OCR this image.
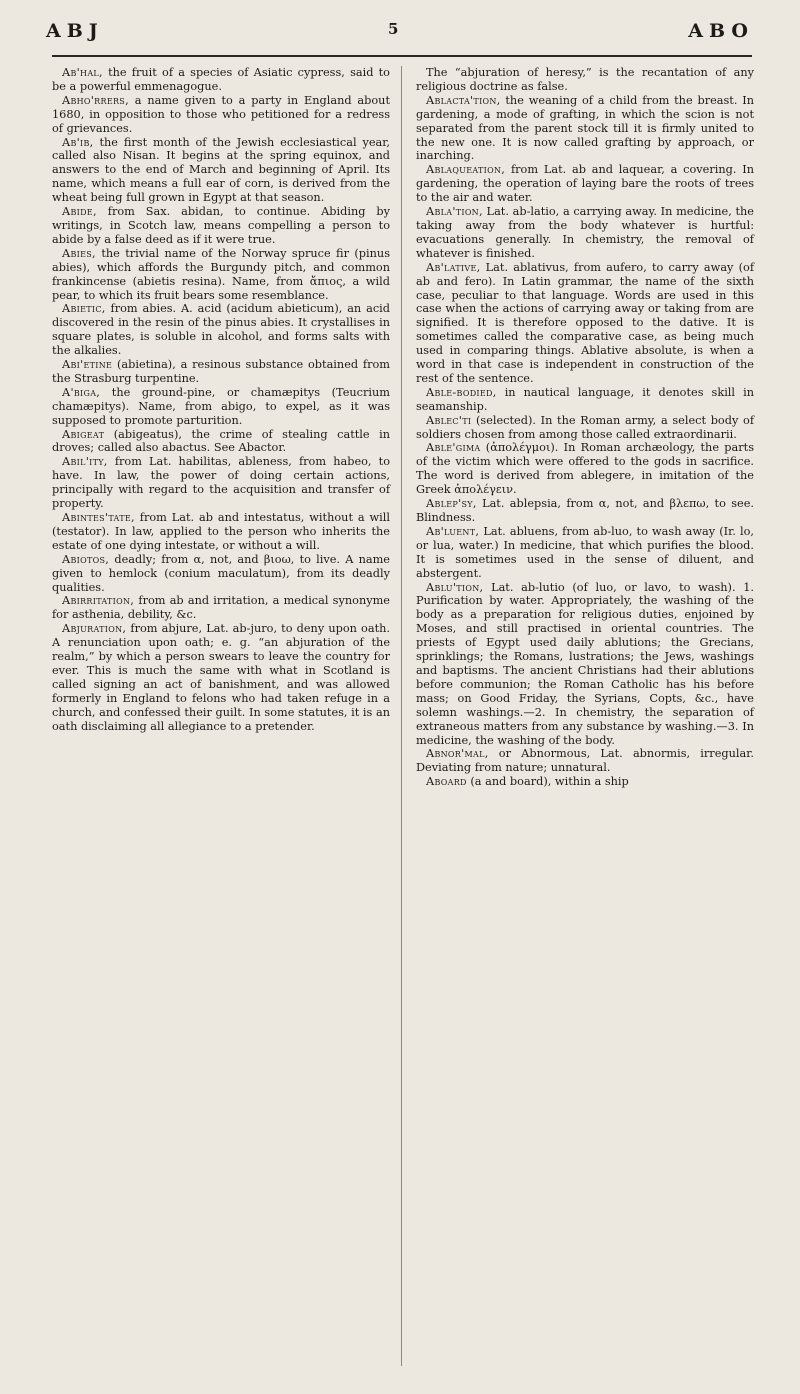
ABJ	5	ABO

Ab'hal, the fruit of a species of Asiatic cypress, said to be a powerful emmenagogue.

Abho'rrers, a name given to a party in England about 1680, in opposition to those who petitioned for a redress of grievances.

Ab'ib, the first month of the Jewish ecclesiastical year, called also Nisan. It begins at the spring equinox, and answers to the end of March and beginning of April. Its name, which means a full ear of corn, is derived from the wheat being full grown in Egypt at that season.

Abide, from Sax. abidan, to continue. Abiding by writings, in Scotch law, means compelling a person to abide by a false deed as if it were true.

Abies, the trivial name of the Norway spruce fir (pinus abies), which affords the Burgundy pitch, and common frankincense (abietis resina). Name, from ἄπιος, a wild pear, to which its fruit bears some resemblance.

Abietic, from abies. A. acid (acidum abieticum), an acid discovered in the resin of the pinus abies. It crystallises in square plates, is soluble in alcohol, and forms salts with the alkalies.

Abi'etine (abietina), a resinous substance obtained from the Strasburg turpentine.

A'biga, the ground-pine, or chamæpitys (Teucrium chamæpitys). Name, from abigo, to expel, as it was supposed to promote parturition.

Abigeat (abigeatus), the crime of stealing cattle in droves; called also abactus. See Abactor.

Abil'ity, from Lat. habilitas, ableness, from habeo, to have. In law, the power of doing certain actions, principally with regard to the acquisition and transfer of property.

Abintes'tate, from Lat. ab and intestatus, without a will (testator). In law, applied to the person who inherits the estate of one dying intestate, or without a will.

Abiotos, deadly; from α, not, and βιοω, to live. A name given to hemlock (conium maculatum), from its deadly qualities.

Abirritation, from ab and irritation, a medical synonyme for asthenia, debility, &c.

Abjuration, from abjure, Lat. ab-juro, to deny upon oath. A renunciation upon oath; e. g. “an abjuration of the realm,” by which a person swears to leave the country for ever. This is much the same with what in Scotland is called signing an act of banishment, and was allowed formerly in England to felons who had taken refuge in a church, and confessed their guilt. In some statutes, it is an oath disclaiming all allegiance to a pretender.

The “abjuration of heresy,” is the recantation of any religious doctrine as false.

Ablacta'tion, the weaning of a child from the breast. In gardening, a mode of grafting, in which the scion is not separated from the parent stock till it is firmly united to the new one. It is now called grafting by approach, or inarching.

Ablaqueation, from Lat. ab and laquear, a covering. In gardening, the operation of laying bare the roots of trees to the air and water.

Abla'tion, Lat. ab-latio, a carrying away. In medicine, the taking away from the body whatever is hurtful: evacuations generally. In chemistry, the removal of whatever is finished.

Ab'lative, Lat. ablativus, from aufero, to carry away (of ab and fero). In Latin grammar, the name of the sixth case, peculiar to that language. Words are used in this case when the actions of carrying away or taking from are signified. It is therefore opposed to the dative. It is sometimes called the comparative case, as being much used in comparing things. Ablative absolute, is when a word in that case is independent in construction of the rest of the sentence.

Able-bodied, in nautical language, it denotes skill in seamanship.

Ablec'ti (selected). In the Roman army, a select body of soldiers chosen from among those called extraordinarii.

Able'gima (ἀπολέγμοι). In Roman archæology, the parts of the victim which were offered to the gods in sacrifice. The word is derived from ablegere, in imitation of the Greek ἀπολέγειν.

Ablep'sy, Lat. ablepsia, from α, not, and βλεπω, to see. Blindness.

Ab'luent, Lat. abluens, from ab-luo, to wash away (Ir. lo, or lua, water.) In medicine, that which purifies the blood. It is sometimes used in the sense of diluent, and abstergent.

Ablu'tion, Lat. ab-lutio (of luo, or lavo, to wash). 1. Purification by water. Appropriately, the washing of the body as a preparation for religious duties, enjoined by Moses, and still practised in oriental countries. The priests of Egypt used daily ablutions; the Grecians, sprinklings; the Romans, lustrations; the Jews, washings and baptisms. The ancient Christians had their ablutions before communion; the Roman Catholic has his before mass; on Good Friday, the Syrians, Copts, &c., have solemn washings.—2. In chemistry, the separation of extraneous matters from any substance by washing.—3. In medicine, the washing of the body.

Abnor'mal, or Abnormous, Lat. abnormis, irregular. Deviating from nature; unnatural.

Aboard (a and board), within a ship
